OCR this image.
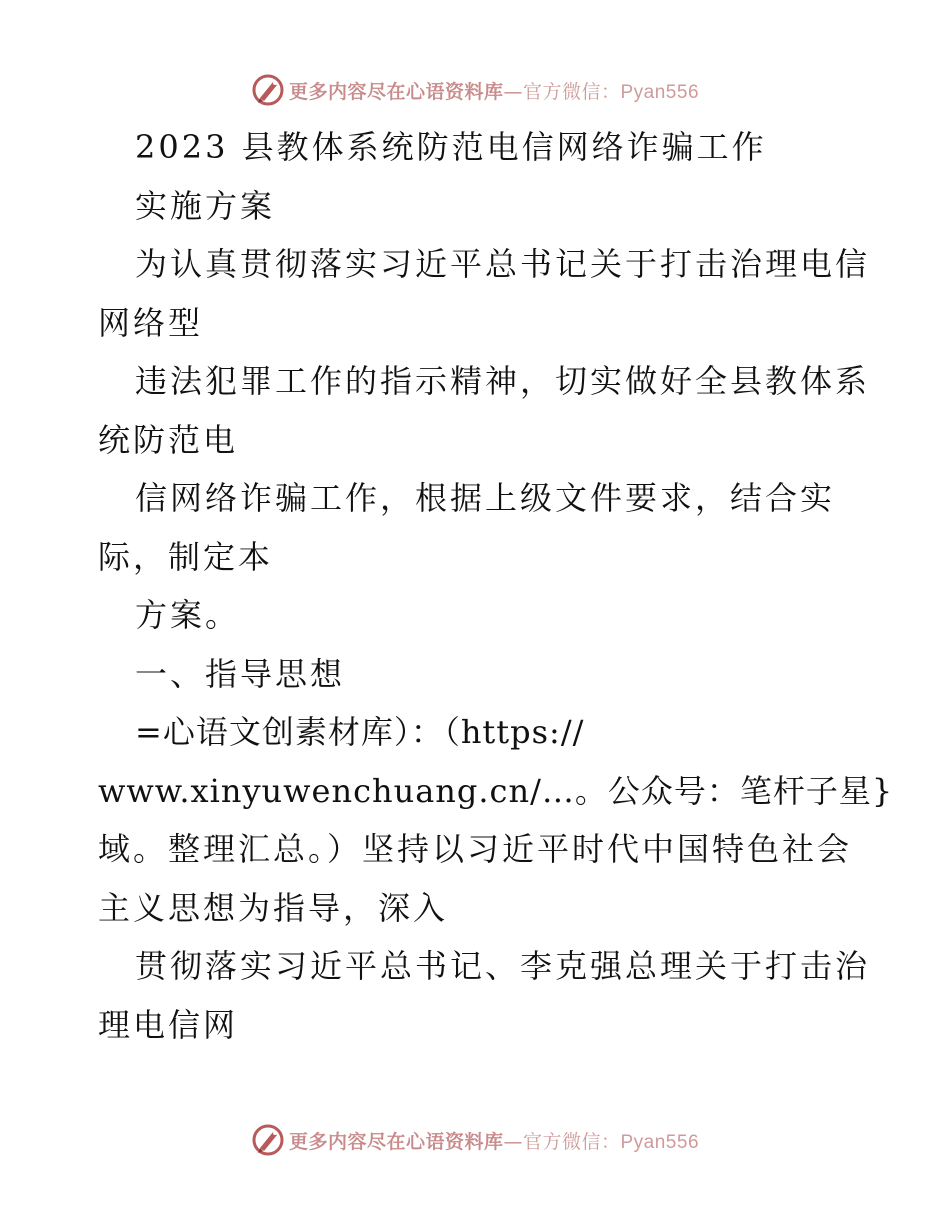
更多内容尽在心语资料库—官方微信：Pyan556
2023 县教体系统防范电信网络诈骗工作
实施方案
为认真贯彻落实习近平总书记关于打击治理电信
网络型
违法犯罪工作的指示精神，切实做好全县教体系
统防范电
信网络诈骗工作，根据上级文件要求，结合实
际，制定本
方案。
一、指导思想
=心语文创素材库）：（https://
www.xinyuwenchuang.cn/…。公众号：笔杆子星}
域。整理汇总。）坚持以习近平时代中国特色社会
主义思想为指导，深入
贯彻落实习近平总书记、李克强总理关于打击治
理电信网
更多内容尽在心语资料库—官方微信：Pyan556
